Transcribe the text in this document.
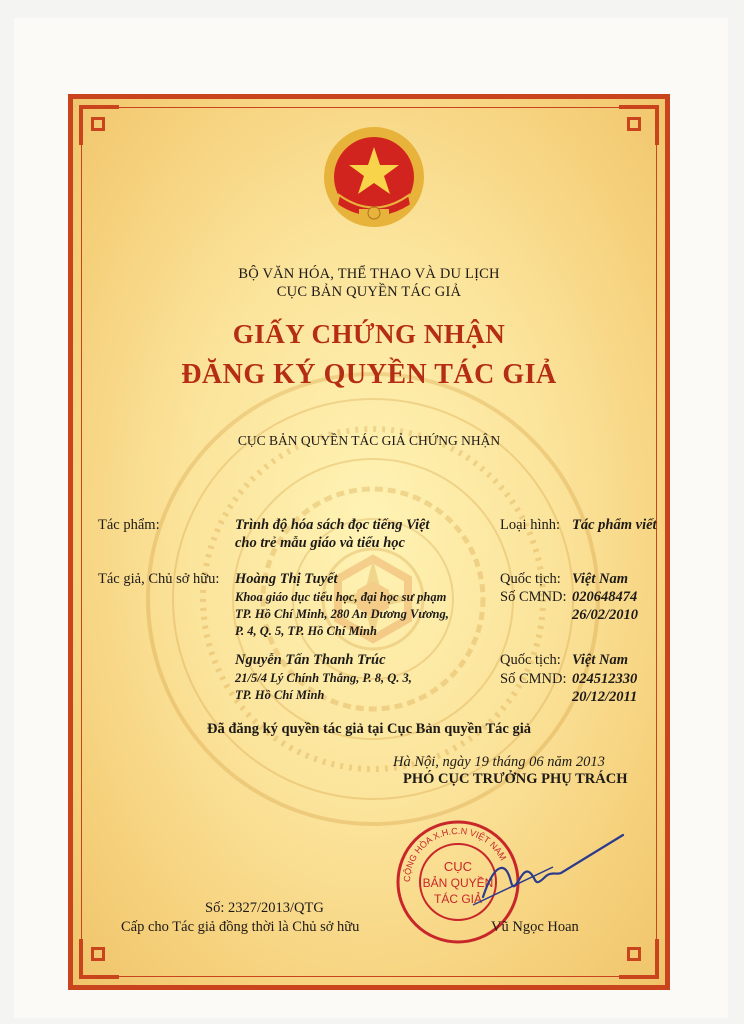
BỘ VĂN HÓA, THỂ THAO VÀ DU LỊCH
CỤC BẢN QUYỀN TÁC GIẢ
GIẤY CHỨNG NHẬN
ĐĂNG KÝ QUYỀN TÁC GIẢ
CỤC BẢN QUYỀN TÁC GIẢ CHỨNG NHẬN
Tác phẩm:	Trình độ hóa sách đọc tiếng Việt
cho trẻ mẫu giáo và tiểu học
Loại hình: Tác phẩm viết
Tác giả, Chủ sở hữu: Hoàng Thị Tuyết
Khoa giáo dục tiểu học, đại học sư phạm
TP. Hồ Chí Minh, 280 An Dương Vương,
P. 4, Q. 5, TP. Hồ Chí Minh
Quốc tịch: Việt Nam
Số CMND: 020648474
26/02/2010
Nguyễn Tấn Thanh Trúc
21/5/4 Lý Chính Thắng, P. 8, Q. 3,
TP. Hồ Chí Minh
Quốc tịch: Việt Nam
Số CMND: 024512330
20/12/2011
Đã đăng ký quyền tác giả tại Cục Bản quyền Tác giả
Hà Nội, ngày 19 tháng 06 năm 2013
PHÓ CỤC TRƯỞNG PHỤ TRÁCH
CỘNG HÒA X.H.C.N VIỆT NAM
CỤC
BẢN QUYỀN
TÁC GIẢ
Số: 2327/2013/QTG
Cấp cho Tác giả đồng thời là Chủ sở hữu	Vũ Ngọc Hoan
